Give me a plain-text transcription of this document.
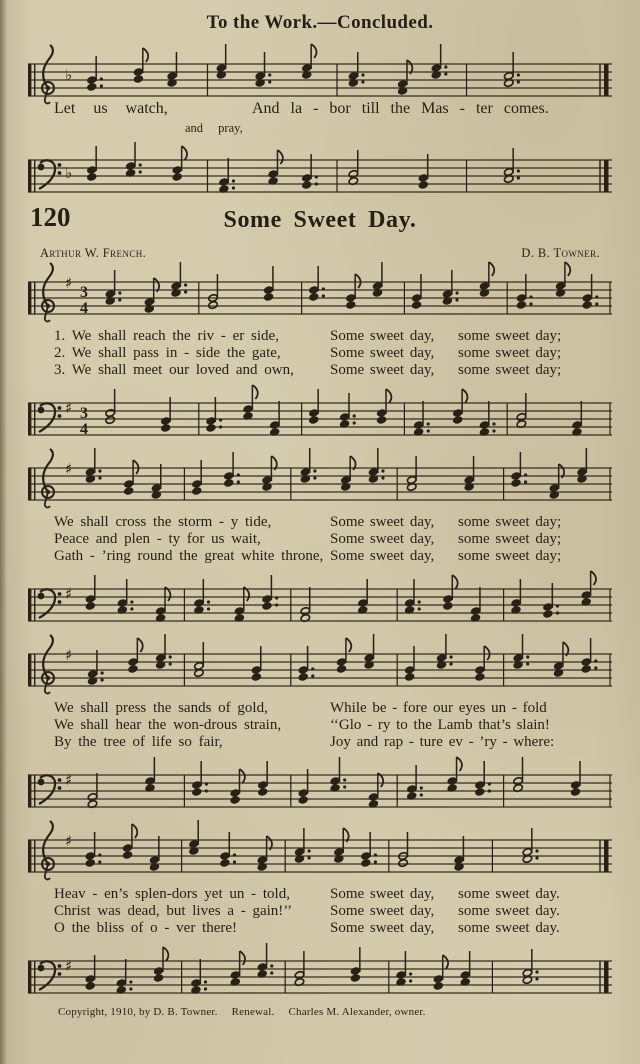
To the Work.—Concluded.
♭
Let us watch,	And la - bor till the Mas - ter comes.
and pray,
♭
120	Some Sweet Day.
D. B. Towner.
Arthur W. French.
♯
3
4
1. We shall reach the riv - er side,	Some sweet day,	some sweet day;
2. We shall pass in - side the gate,	Some sweet day,	some sweet day;
3. We shall meet our loved and own,	Some sweet day,	some sweet day;
♯ 3
4
♯
We shall cross the storm - y tide,	Some sweet day,	some sweet day;
Peace and plen - ty for us wait,	Some sweet day,	some sweet day;
Gath - ’ring round the great white throne, Some sweet day,	some sweet day;
♯
♯
We shall press the sands of gold,	While be - fore our eyes un - fold
We shall hear the won-drous strain,	‘‘Glo - ry to the Lamb that’s slain!
By the tree of life so fair,	Joy and rap - ture ev - ’ry - where:
♯
♯
Heav - en’s splen-dors yet un - told,	Some sweet day,	some sweet day.
Christ was dead, but lives a - gain!’’	Some sweet day,	some sweet day.
O the bliss of o - ver there!	Some sweet day,	some sweet day.
♯
Copyright, 1910, by D. B. Towner. Renewal. Charles M. Alexander, owner.
